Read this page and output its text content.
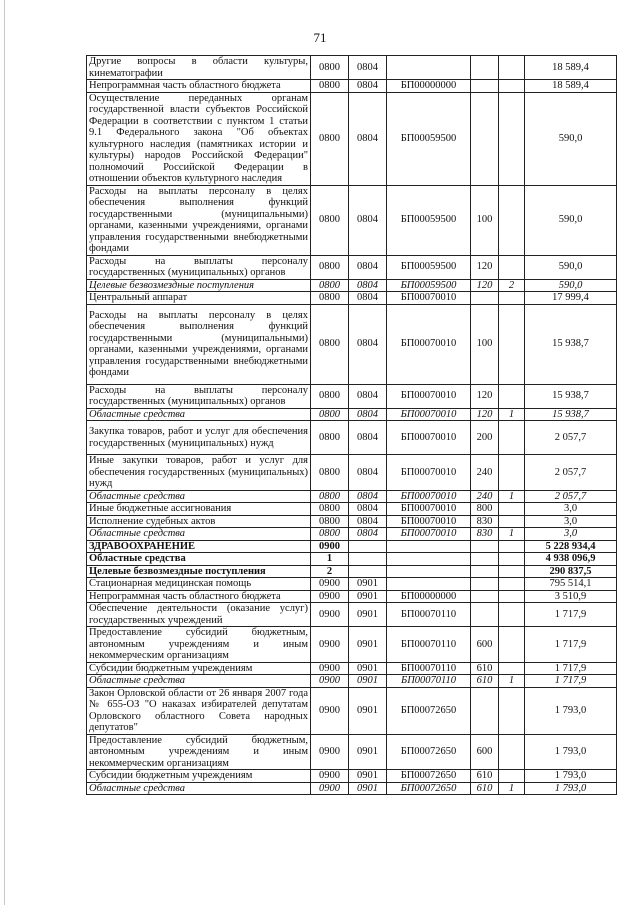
71
Другие вопросы в области культуры, кинематографии	0800	0804				18 589,4
Непрограммная часть областного бюджета	0800	0804	БП00000000			18 589,4
Осуществление переданных органам государственной власти субъектов Российской Федерации в соответствии с пунктом 1 статьи 9.1 Федерального закона "Об объектах культурного наследия (памятниках истории и культуры) народов Российской Федерации" полномочий Российской Федерации в отношении объектов культурного наследия	0800	0804	БП00059500			590,0
Расходы на выплаты персоналу в целях обеспечения выполнения функций государственными (муниципальными) органами, казенными учреждениями, органами управления государственными внебюджетными фондами	0800	0804	БП00059500	100		590,0
Расходы на выплаты персоналу государственных (муниципальных) органов	0800	0804	БП00059500	120		590,0
Целевые безвозмездные поступления	0800	0804	БП00059500	120	2	590,0
Центральный аппарат	0800	0804	БП00070010			17 999,4
Расходы на выплаты персоналу в целях обеспечения выполнения функций государственными (муниципальными) органами, казенными учреждениями, органами управления государственными внебюджетными фондами	0800	0804	БП00070010	100		15 938,7
Расходы на выплаты персоналу государственных (муниципальных) органов	0800	0804	БП00070010	120		15 938,7
Областные средства	0800	0804	БП00070010	120	1	15 938,7
Закупка товаров, работ и услуг для обеспечения государственных (муниципальных) нужд	0800	0804	БП00070010	200		2 057,7
Иные закупки товаров, работ и услуг для обеспечения государственных (муниципальных) нужд	0800	0804	БП00070010	240		2 057,7
Областные средства	0800	0804	БП00070010	240	1	2 057,7
Иные бюджетные ассигнования	0800	0804	БП00070010	800		3,0
Исполнение судебных актов	0800	0804	БП00070010	830		3,0
Областные средства	0800	0804	БП00070010	830	1	3,0
ЗДРАВООХРАНЕНИЕ	0900					5 228 934,4
Областные средства	1					4 938 096,9
Целевые безвозмездные поступления	2					290 837,5
Стационарная медицинская помощь	0900	0901				795 514,1
Непрограммная часть областного бюджета	0900	0901	БП00000000			3 510,9
Обеспечение деятельности (оказание услуг) государственных учреждений	0900	0901	БП00070110			1 717,9
Предоставление субсидий бюджетным, автономным учреждениям и иным некоммерческим организациям	0900	0901	БП00070110	600		1 717,9
Субсидии бюджетным учреждениям	0900	0901	БП00070110	610		1 717,9
Областные средства	0900	0901	БП00070110	610	1	1 717,9
Закон Орловской области от 26 января 2007 года № 655-ОЗ "О наказах избирателей депутатам Орловского областного Совета народных депутатов"	0900	0901	БП00072650			1 793,0
Предоставление субсидий бюджетным, автономным учреждениям и иным некоммерческим организациям	0900	0901	БП00072650	600		1 793,0
Субсидии бюджетным учреждениям	0900	0901	БП00072650	610		1 793,0
Областные средства	0900	0901	БП00072650	610	1	1 793,0
